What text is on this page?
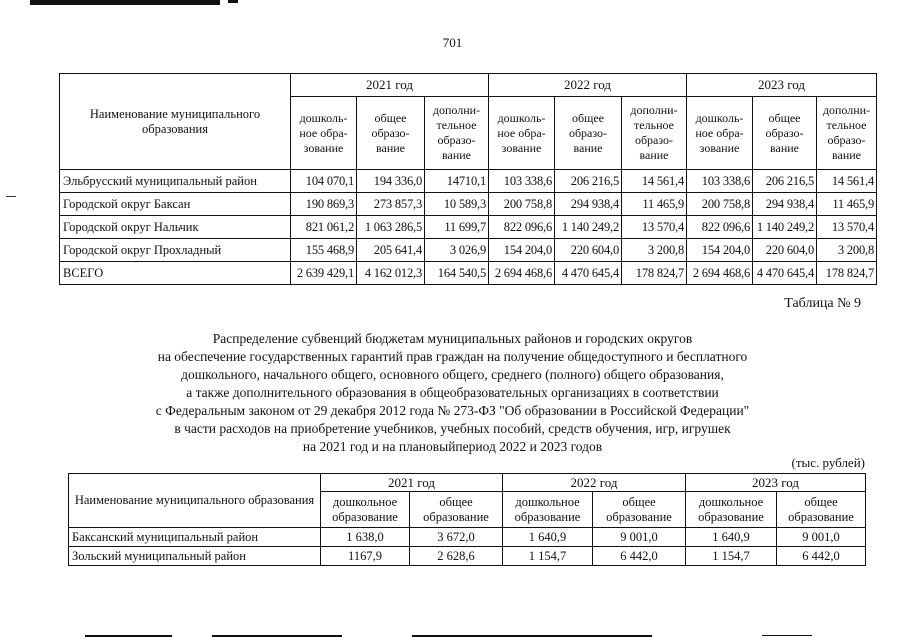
701
Наименование муниципального образования	2021 год			2022 год			2023 год		
	дошколь-ное обра-зование	общее образо-вание	дополни-тельное образо-вание	дошколь-ное обра-зование	общее образо-вание	дополни-тельное образо-вание	дошколь-ное обра-зование	общее образо-вание	дополни-тельное образо-вание
Эльбрусский муниципальный район	104 070,1	194 336,0	14710,1	103 338,6	206 216,5	14 561,4	103 338,6	206 216,5	14 561,4
Городской округ Баксан	190 869,3	273 857,3	10 589,3	200 758,8	294 938,4	11 465,9	200 758,8	294 938,4	11 465,9
Городской округ Нальчик	821 061,2	1 063 286,5	11 699,7	822 096,6	1 140 249,2	13 570,4	822 096,6	1 140 249,2	13 570,4
Городской округ Прохладный	155 468,9	205 641,4	3 026,9	154 204,0	220 604,0	3 200,8	154 204,0	220 604,0	3 200,8
ВСЕГО	2 639 429,1	4 162 012,3	164 540,5	2 694 468,6	4 470 645,4	178 824,7	2 694 468,6	4 470 645,4	178 824,7
Таблица № 9
Распределение субвенций бюджетам муниципальных районов и городских округов
на обеспечение государственных гарантий прав граждан на получение общедоступного и бесплатного
дошкольного, начального общего, основного общего, среднего (полного) общего образования,
а также дополнительного образования в общеобразовательных организациях в соответствии
с Федеральным законом от 29 декабря 2012 года № 273-ФЗ "Об образовании в Российской Федерации"
в части расходов на приобретение учебников, учебных пособий, средств обучения, игр, игрушек
на 2021 год и на плановыйпериод 2022 и 2023 годов
(тыс. рублей)
Наименование муниципального образования	2021 год		2022 год		2023 год	
	дошкольное образование	общее образование	дошкольное образование	общее образование	дошкольное образование	общее образование
Баксанский муниципальный район	1 638,0	3 672,0	1 640,9	9 001,0	1 640,9	9 001,0
Зольский муниципальный район	1167,9	2 628,6	1 154,7	6 442,0	1 154,7	6 442,0
